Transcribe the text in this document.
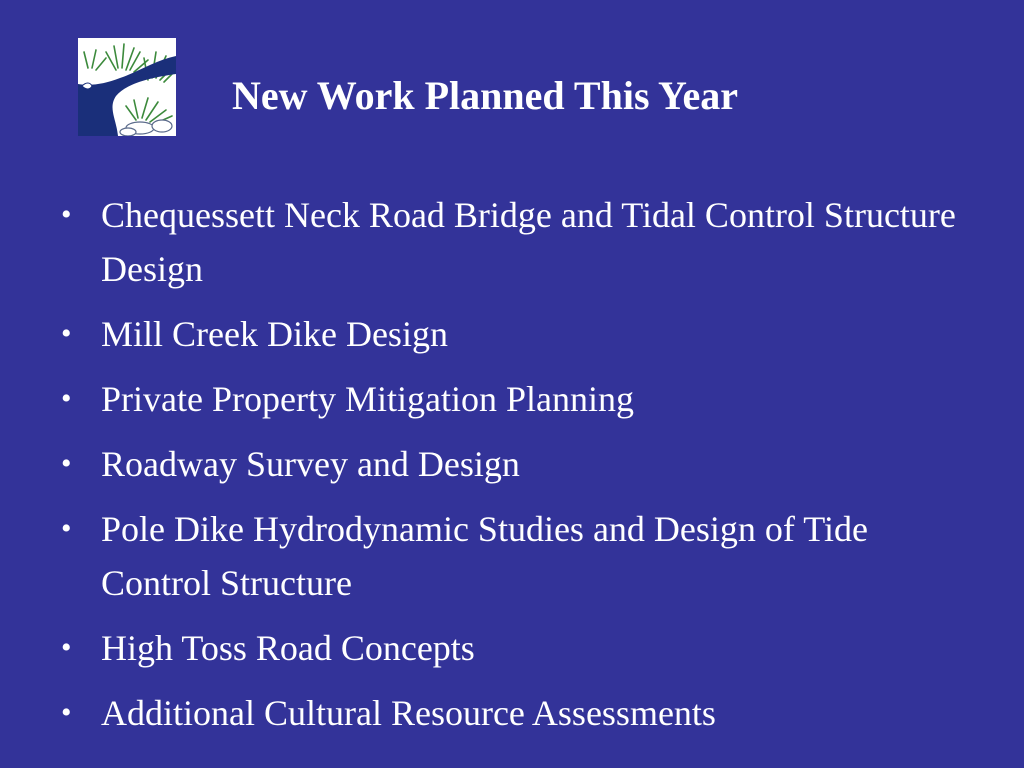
New Work Planned This Year
• Chequessett Neck Road Bridge and Tidal Control Structure Design
• Mill Creek Dike Design
• Private Property Mitigation Planning
• Roadway Survey and Design
• Pole Dike Hydrodynamic Studies and Design of Tide Control Structure
• High Toss Road Concepts
• Additional Cultural Resource Assessments
